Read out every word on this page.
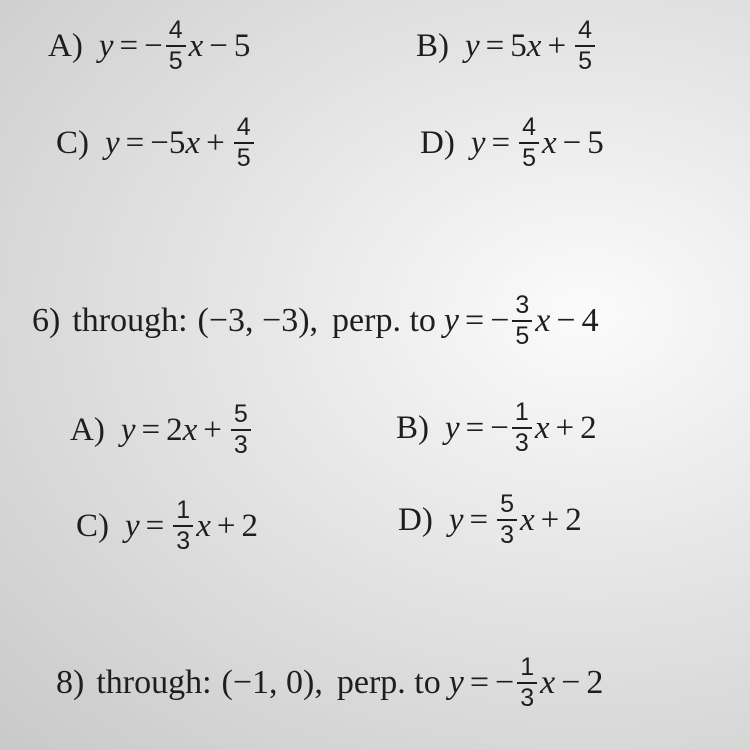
A) y = − $\frac{4}{5}$ x − 5	B) y = 5 $x + \frac{4}{5}$
C) y = − 5 $x + \frac{4}{5}$	D) $y = \frac{4}{5}$ x − 5
6) through: (−3, −3), perp. to y = − $\frac{3}{5}$ x − 4
A) y = 2 $x + \frac{5}{3}$	B) y = − $\frac{1}{3}$ x + 2
C) $y = \frac{1}{3}$ x + 2	D) $y = \frac{5}{3}$ x + 2
8) through: (−1, 0), perp. to y = − $\frac{1}{3}$ x − 2
